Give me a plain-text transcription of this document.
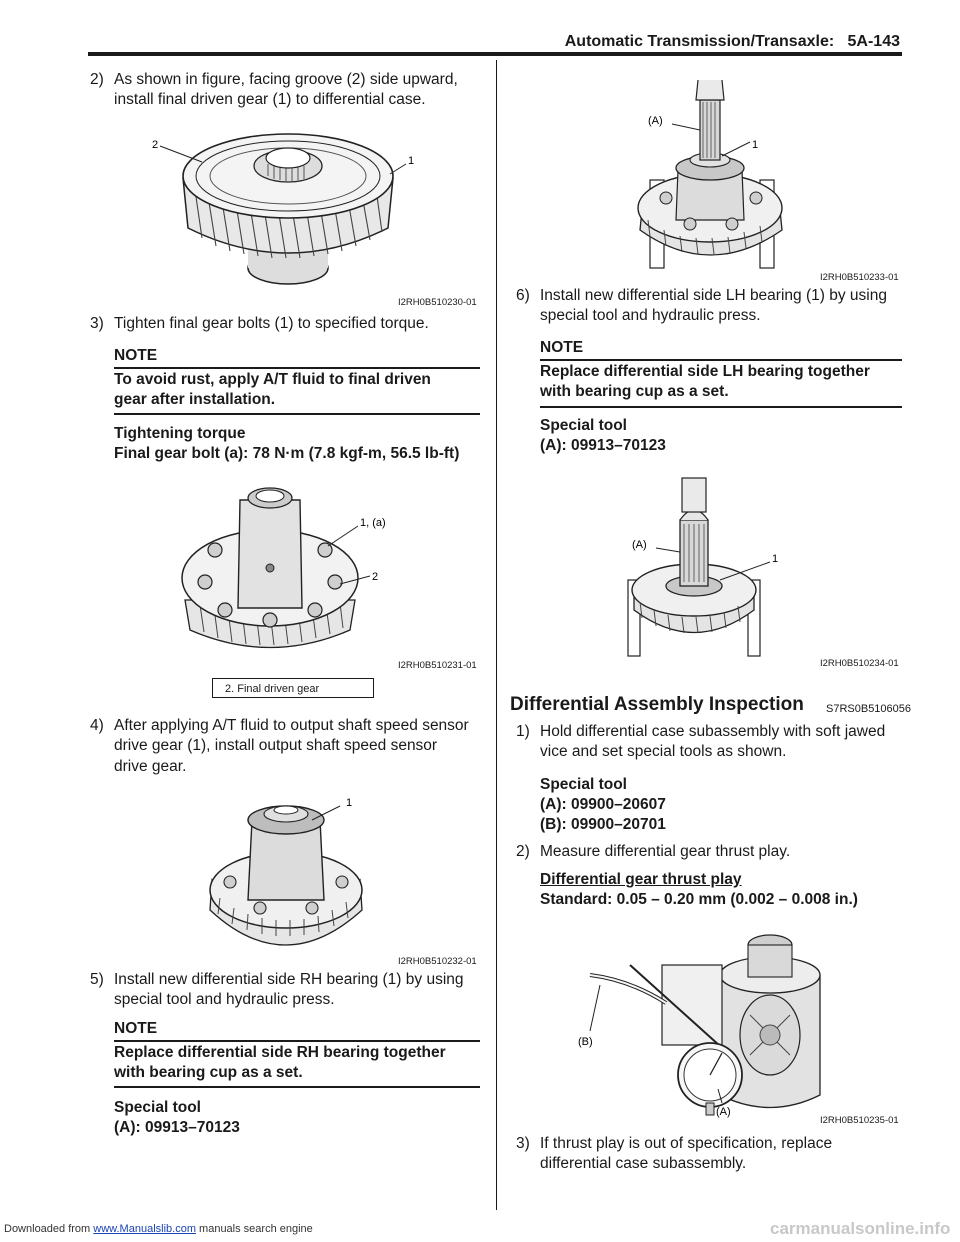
Automatic Transmission/Transaxle: 5A-143
2) As shown in figure, facing groove (2) side upward, install final driven gear (1) to differential case.
2
1
I2RH0B510230-01
3) Tighten final gear bolts (1) to specified torque.
NOTE
To avoid rust, apply A/T fluid to final driven gear after installation.
Tightening torque
Final gear bolt (a): 78 N·m (7.8 kgf-m, 56.5 lb-ft)
1, (a)
2
I2RH0B510231-01
2. Final driven gear
4) After applying A/T fluid to output shaft speed sensor drive gear (1), install output shaft speed sensor drive gear.
1
I2RH0B510232-01
5) Install new differential side RH bearing (1) by using special tool and hydraulic press.
NOTE
Replace differential side RH bearing together with bearing cup as a set.
Special tool
(A): 09913–70123
(A)
1
I2RH0B510233-01
6) Install new differential side LH bearing (1) by using special tool and hydraulic press.
NOTE
Replace differential side LH bearing together with bearing cup as a set.
Special tool
(A): 09913–70123
(A)
1
I2RH0B510234-01
Differential Assembly Inspection S7RS0B5106056
1) Hold differential case subassembly with soft jawed vice and set special tools as shown.
Special tool
(A): 09900–20607
(B): 09900–20701
2) Measure differential gear thrust play.
Differential gear thrust play
Standard: 0.05 – 0.20 mm (0.002 – 0.008 in.)
(B)
(A)
I2RH0B510235-01
3) If thrust play is out of specification, replace differential case subassembly.
Downloaded from www.Manualslib.com manuals search engine	carmanualsonline.info
